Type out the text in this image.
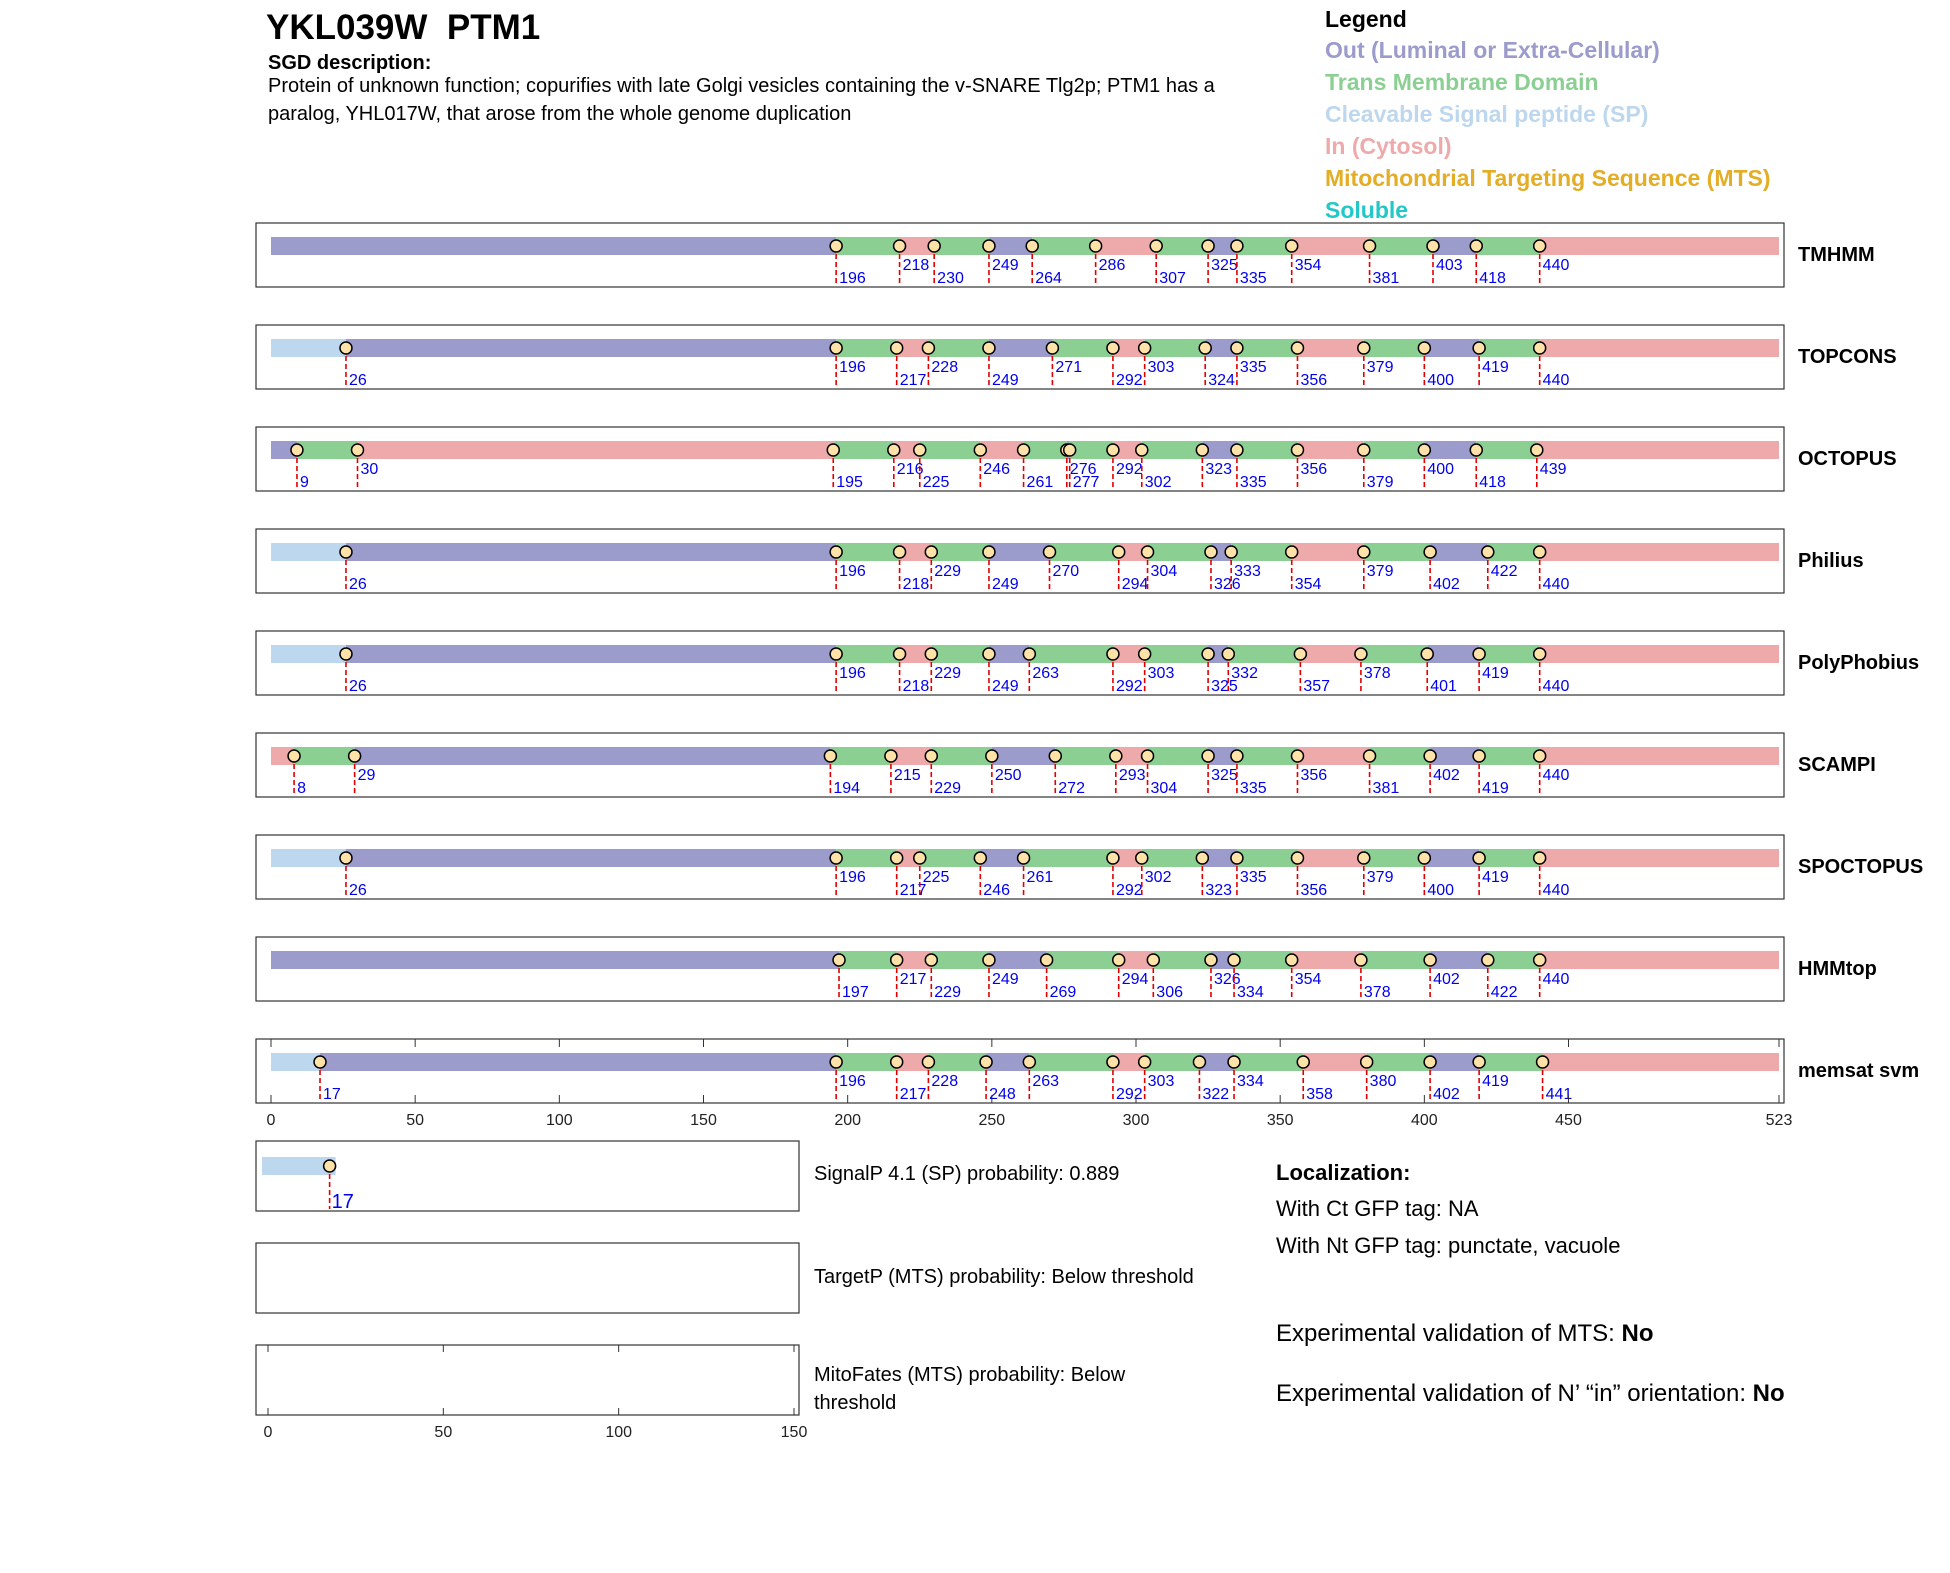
YKL039W PTM1
SGD description:
Protein of unknown function; copurifies with late Golgi vesicles containing the v-SNARE Tlg2p; PTM1 has a paralog, YHL017W, that arose from the whole genome duplication
Legend
Out (Luminal or Extra-Cellular)
Trans Membrane Domain
Cleavable Signal peptide (SP)
In (Cytosol)
Mitochondrial Targeting Sequence (MTS)
Soluble
196
218
230
249
264
286
307
325
335
354
381
403
418
440	TMHMM
26
196
217
228
249
271
292
303
324
335
356
379
400
419
440
TOPCONS
9
30
195
216
225
246
261
276
277
292
302
323
335
356
379
400
418
439	OCTOPUS
26
196
218
229
249
270
294
304
326
333
354
379
402
422
440
Philius
26
196
218
229
249
263
292
303
325
332
357
378
401
419
440
PolyPhobius
8
29
194
215
229
250
272
293
304
325
335
356
381
402
419
440	SCAMPI
26
196
217
225
246
261
292
302
323
335
356
379
400
419
440
SPOCTOPUS
197
217
229
249
269
294
306
326
334
354
378
402
422
440	HMMtop
17
196
217
228
248
263
292
303
322
334
358
380
402
419
441
memsat svm
0	50	100	150	200	250	300	350	400	450	523
17
0	50	100	150
SignalP 4.1 (SP) probability: 0.889
TargetP (MTS) probability: Below threshold
MitoFates (MTS) probability: Below
threshold
Localization:
With Ct GFP tag: NA
With Nt GFP tag: punctate, vacuole
Experimental validation of MTS: No
Experimental validation of N’ “in” orientation: No
